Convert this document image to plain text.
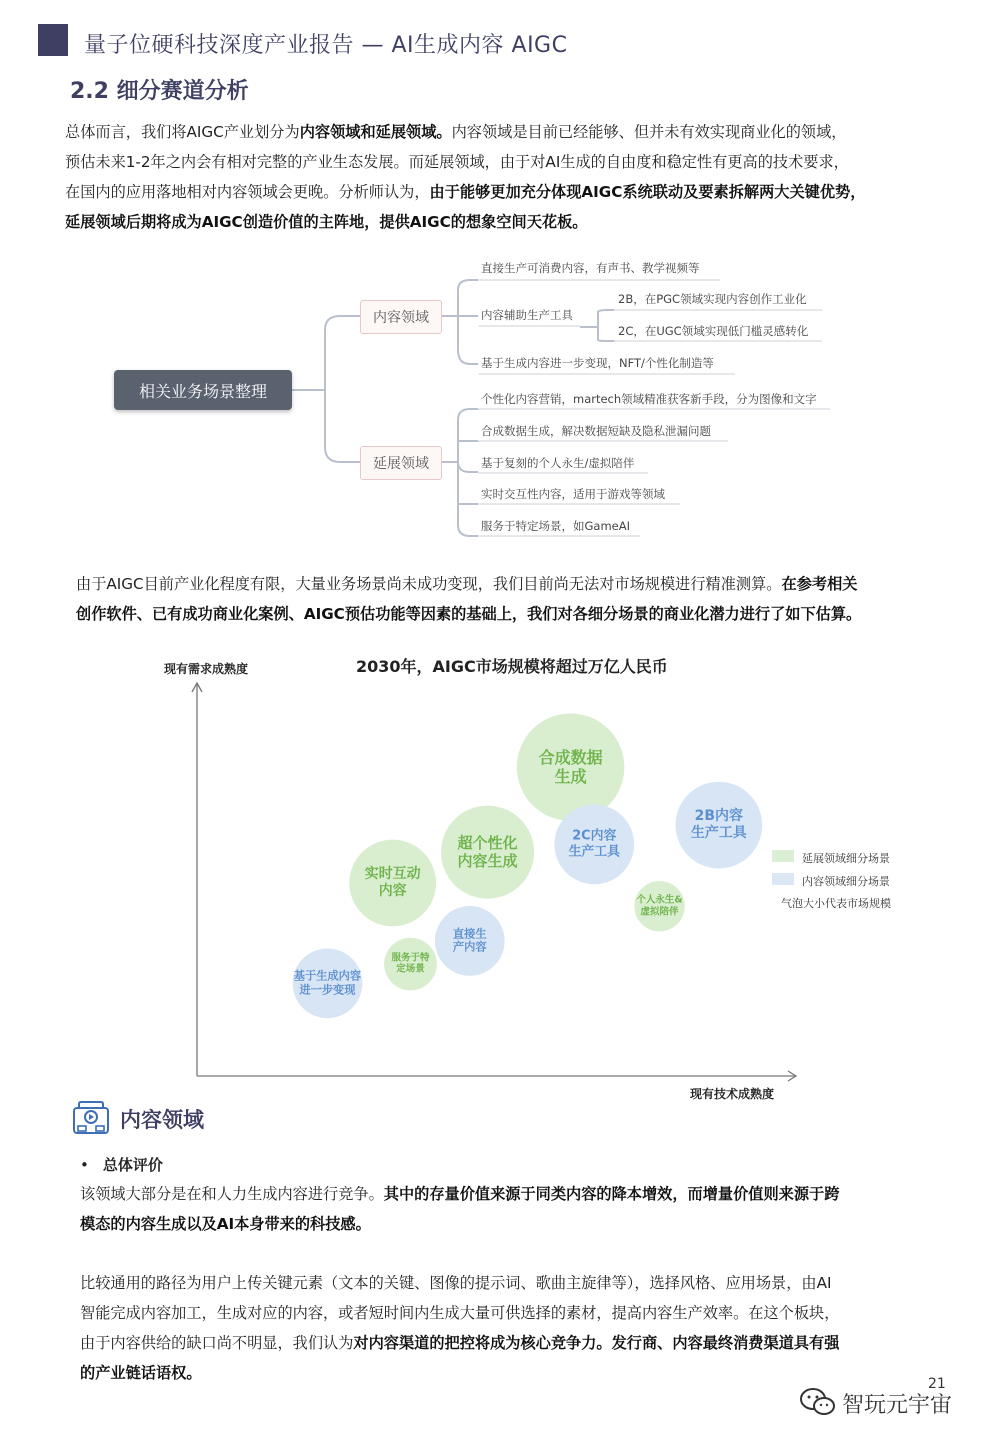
量子位硬科技深度产业报告 — AI生成内容 AIGC
2.2 细分赛道分析
总体而言，我们将AIGC产业划分为内容领域和延展领域。内容领域是目前已经能够、但并未有效实现商业化的领域，
预估未来1-2年之内会有相对完整的产业生态发展。而延展领域，由于对AI生成的自由度和稳定性有更高的技术要求，
在国内的应用落地相对内容领域会更晚。分析师认为，由于能够更加充分体现AIGC系统联动及要素拆解两大关键优势，
延展领域后期将成为AIGC创造价值的主阵地，提供AIGC的想象空间天花板。
相关业务场景整理
内容领域
延展领域
直接生产可消费内容，有声书、教学视频等
内容辅助生产工具
基于生成内容进一步变现，NFT/个性化制造等
2B，在PGC领域实现内容创作工业化
2C，在UGC领域实现低门槛灵感转化
个性化内容营销，martech领域精准获客新手段，分为图像和文字
合成数据生成，解决数据短缺及隐私泄漏问题
基于复刻的个人永生/虚拟陪伴
实时交互性内容，适用于游戏等领域
服务于特定场景，如GameAI
由于AIGC目前产业化程度有限，大量业务场景尚未成功变现，我们目前尚无法对市场规模进行精准测算。在参考相关
创作软件、已有成功商业化案例、AIGC预估功能等因素的基础上，我们对各细分场景的商业化潜力进行了如下估算。
2030年，AIGC市场规模将超过万亿人民币
现有需求成熟度
现有技术成熟度
合成数据
生成
2B内容
生产工具
超个性化
内容生成
2C内容
生产工具
实时互动
内容
个人永生&
虚拟陪伴
直接生
产内容
服务于特
定场景
基于生成内容
进一步变现
延展领域细分场景
内容领域细分场景
气泡大小代表市场规模
内容领域
• 总体评价
该领域大部分是在和人力生成内容进行竞争。其中的存量价值来源于同类内容的降本增效，而增量价值则来源于跨
模态的内容生成以及AI本身带来的科技感。
比较通用的路径为用户上传关键元素（文本的关键、图像的提示词、歌曲主旋律等），选择风格、应用场景，由AI
智能完成内容加工，生成对应的内容，或者短时间内生成大量可供选择的素材，提高内容生产效率。在这个板块，
由于内容供给的缺口尚不明显，我们认为对内容渠道的把控将成为核心竞争力。发行商、内容最终消费渠道具有强
的产业链话语权。
21
智玩元宇宙
